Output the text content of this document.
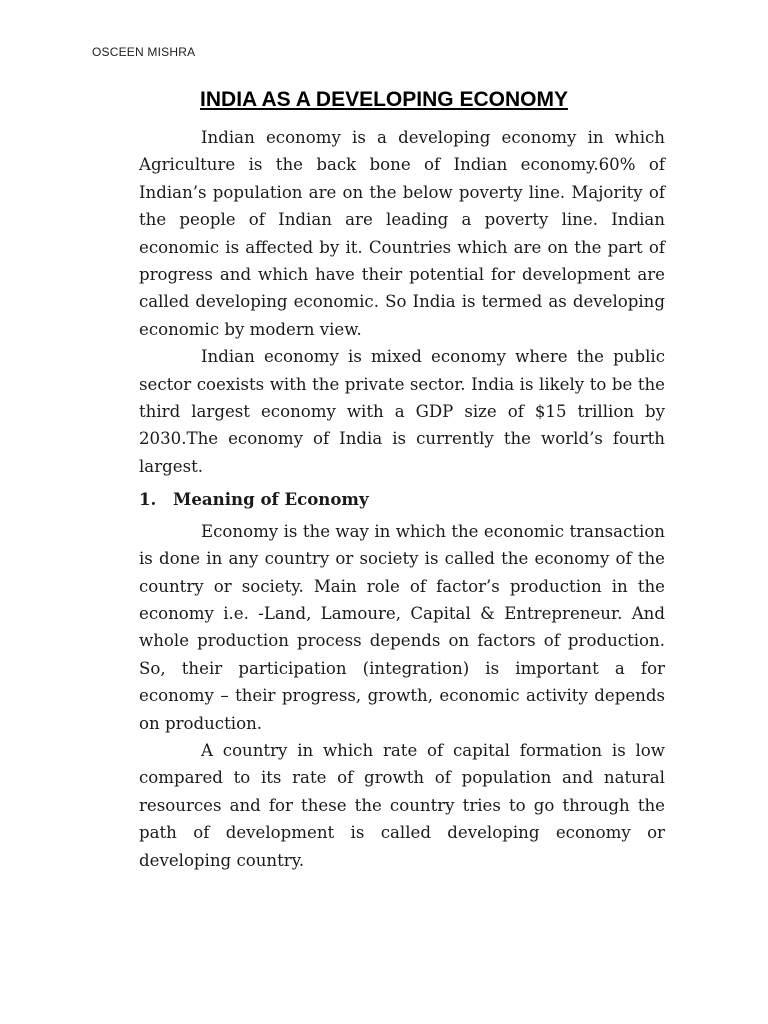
OSCEEN MISHRA
INDIA AS A DEVELOPING ECONOMY

Indian economy is a developing economy in which Agriculture is the back bone of Indian economy.60% of Indian’s population are on the below poverty line. Majority of the people of Indian are leading a poverty line. Indian economic is affected by it. Countries which are on the part of progress and which have their potential for development are called developing economic. So India is termed as developing economic by modern view.

Indian economy is mixed economy where the public sector coexists with the private sector. India is likely to be the third largest economy with a GDP size of $15 trillion by 2030.The economy of India is currently the world’s fourth largest.

1. Meaning of Economy

Economy is the way in which the economic transaction is done in any country or society is called the economy of the country or society. Main role of factor’s production in the economy i.e. -Land, Lamoure, Capital & Entrepreneur. And whole production process depends on factors of production. So, their participation (integration) is important a for economy – their progress, growth, economic activity depends on production.

A country in which rate of capital formation is low compared to its rate of growth of population and natural resources and for these the country tries to go through the path of development is called developing economy or developing country.
